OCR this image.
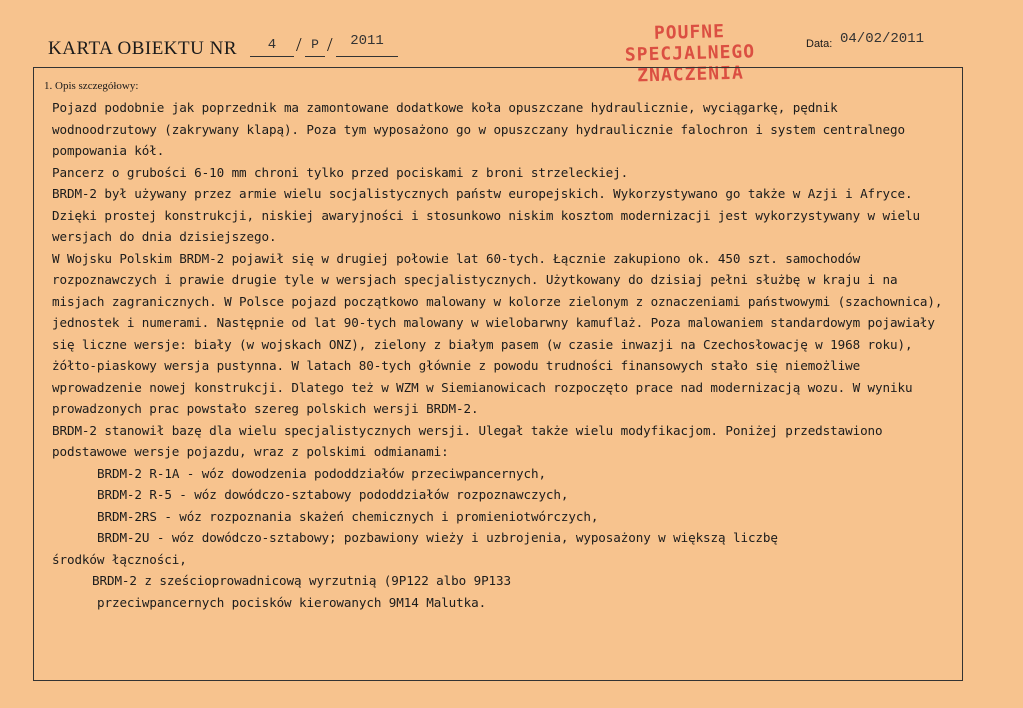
KARTA OBIEKTU NR	4 / P /	2011	POUFNE
SPECJALNEGO
ZNACZENIA
Data: 04/02/2011
1. Opis szczegółowy:

Pojazd podobnie jak poprzednik ma zamontowane dodatkowe koła opuszczane hydraulicznie, wyciągarkę, pędnik wodnoodrzutowy (zakrywany klapą). Poza tym wyposażono go w opuszczany hydraulicznie falochron i system centralnego pompowania kół.

Pancerz o grubości 6-10 mm chroni tylko przed pociskami z broni strzeleckiej.

BRDM-2 był używany przez armie wielu socjalistycznych państw europejskich. Wykorzystywano go także w Azji i Afryce. Dzięki prostej konstrukcji, niskiej awaryjności i stosunkowo niskim kosztom modernizacji jest wykorzystywany w wielu wersjach do dnia dzisiejszego.

W Wojsku Polskim BRDM-2 pojawił się w drugiej połowie lat 60-tych. Łącznie zakupiono ok. 450 szt. samochodów rozpoznawczych i prawie drugie tyle w wersjach specjalistycznych. Użytkowany do dzisiaj pełni służbę w kraju i na misjach zagranicznych. W Polsce pojazd początkowo malowany w kolorze zielonym z oznaczeniami państwowymi (szachownica), jednostek i numerami. Następnie od lat 90-tych malowany w wielobarwny kamuflaż. Poza malowaniem standardowym pojawiały się liczne wersje: biały (w wojskach ONZ), zielony z białym pasem (w czasie inwazji na Czechosłowację w 1968 roku), żółto-piaskowy wersja pustynna. W latach 80-tych głównie z powodu trudności finansowych stało się niemożliwe wprowadzenie nowej konstrukcji. Dlatego też w WZM w Siemianowicach rozpoczęto prace nad modernizacją wozu. W wyniku prowadzonych prac powstało szereg polskich wersji BRDM-2.

BRDM-2 stanowił bazę dla wielu specjalistycznych wersji. Ulegał także wielu modyfikacjom. Poniżej przedstawiono podstawowe wersje pojazdu, wraz z polskimi odmianami:

BRDM-2 R-1A - wóz dowodzenia pododdziałów przeciwpancernych,

BRDM-2 R-5 - wóz dowódczo-sztabowy pododdziałów rozpoznawczych,

BRDM-2RS - wóz rozpoznania skażeń chemicznych i promieniotwórczych,

BRDM-2U - wóz dowódczo-sztabowy; pozbawiony wieży i uzbrojenia, wyposażony w większą liczbę

środków łączności,

BRDM-2 z sześcioprowadnicową wyrzutnią (9P122 albo 9P133

przeciwpancernych pocisków kierowanych 9M14 Malutka.
